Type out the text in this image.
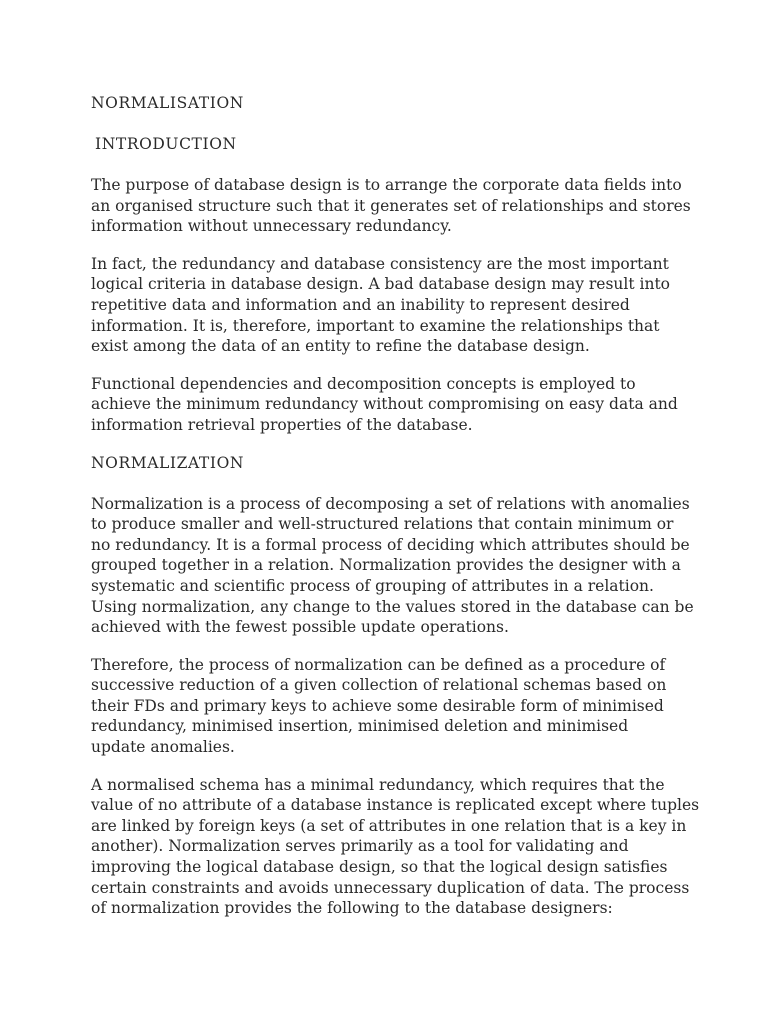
NORMALISATION
INTRODUCTION
The purpose of database design is to arrange the corporate data fields into
an organised structure such that it generates set of relationships and stores
information without unnecessary redundancy.
In fact, the redundancy and database consistency are the most important
logical criteria in database design. A bad database design may result into
repetitive data and information and an inability to represent desired
information. It is, therefore, important to examine the relationships that
exist among the data of an entity to refine the database design.
Functional dependencies and decomposition concepts is employed to
achieve the minimum redundancy without compromising on easy data and
information retrieval properties of the database.
NORMALIZATION
Normalization is a process of decomposing a set of relations with anomalies
to produce smaller and well-structured relations that contain minimum or
no redundancy. It is a formal process of deciding which attributes should be
grouped together in a relation. Normalization provides the designer with a
systematic and scientific process of grouping of attributes in a relation.
Using normalization, any change to the values stored in the database can be
achieved with the fewest possible update operations.
Therefore, the process of normalization can be defined as a procedure of
successive reduction of a given collection of relational schemas based on
their FDs and primary keys to achieve some desirable form of minimised
redundancy, minimised insertion, minimised deletion and minimised
update anomalies.
A normalised schema has a minimal redundancy, which requires that the
value of no attribute of a database instance is replicated except where tuples
are linked by foreign keys (a set of attributes in one relation that is a key in
another). Normalization serves primarily as a tool for validating and
improving the logical database design, so that the logical design satisfies
certain constraints and avoids unnecessary duplication of data. The process
of normalization provides the following to the database designers:
